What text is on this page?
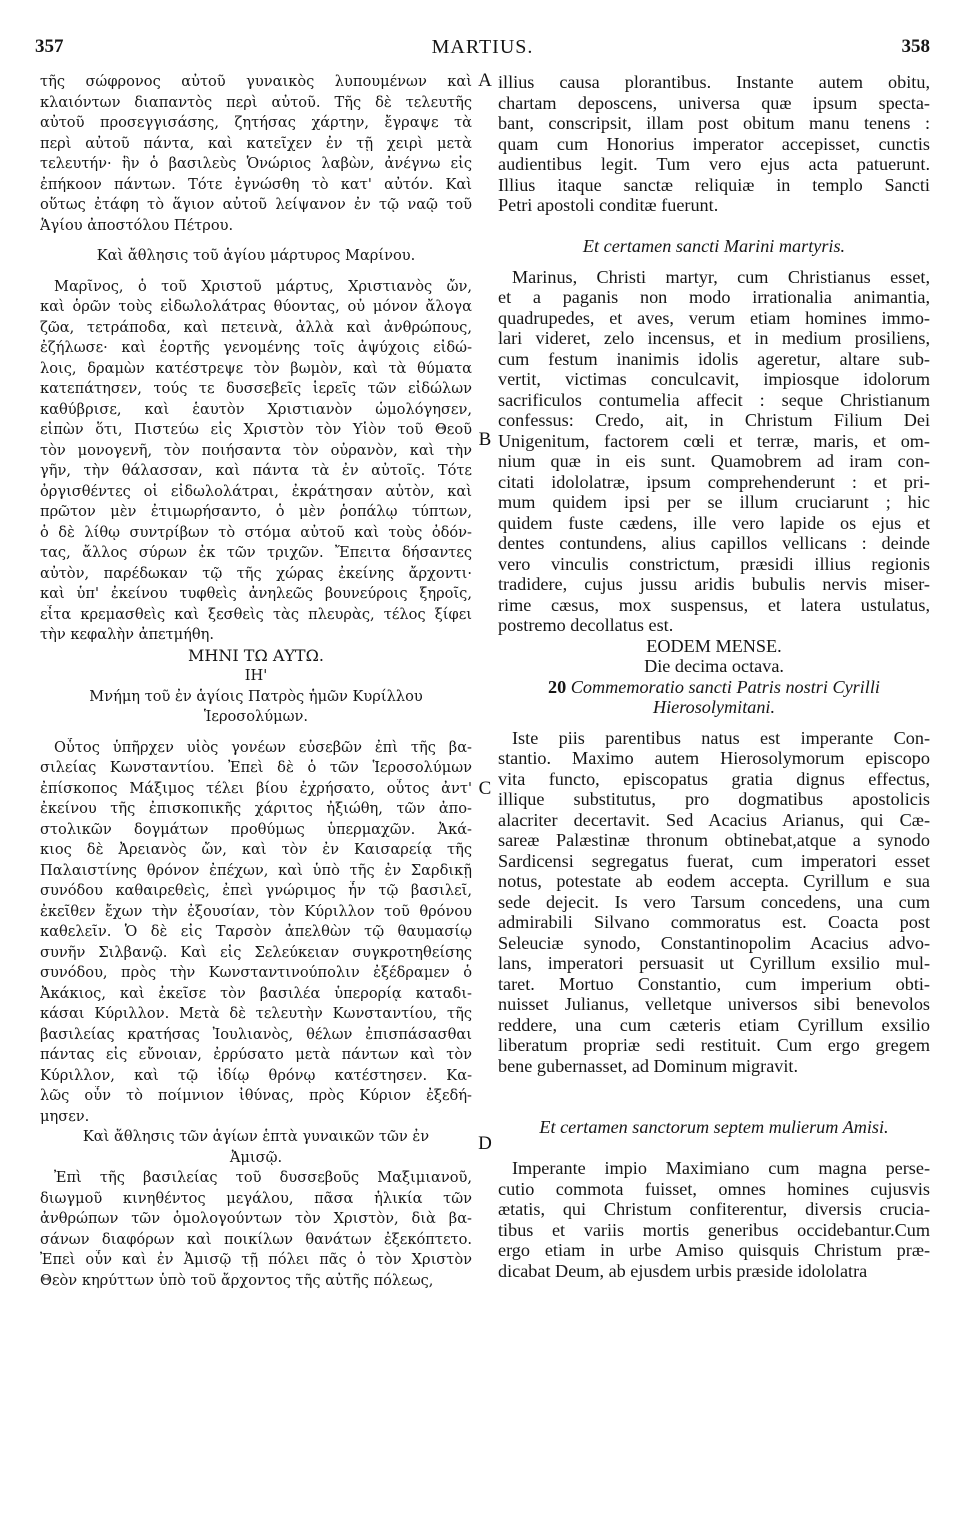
357	MARTIUS.	358
A
B
C
D
τῆς σώφρονος αὐτοῦ γυναικὸς λυπουμένων καὶ
κλαιόντων διαπαντὸς περὶ αὐτοῦ. Τῆς δὲ τελευτῆς
αὐτοῦ προσεγγισάσης, ζητήσας χάρτην, ἔγραψε τὰ
περὶ αὐτοῦ πάντα, καὶ κατεῖχεν ἐν τῇ χειρὶ μετὰ
τελευτήν· ἣν ὁ βασιλεὺς Ὁνώριος λαβὼν, ἀνέγνω εἰς
ἐπήκοον πάντων. Τότε ἐγνώσθη τὸ κατ' αὐτόν. Καὶ
οὕτως ἐτάφη τὸ ἅγιον αὐτοῦ λείψανον ἐν τῷ ναῷ τοῦ
Ἁγίου ἀποστόλου Πέτρου.
Καὶ ἄθλησις τοῦ ἁγίου μάρτυρος Μαρίνου.
Μαρῖνος, ὁ τοῦ Χριστοῦ μάρτυς, Χριστιανὸς ὤν,
καὶ ὁρῶν τοὺς εἰδωλολάτρας θύοντας, οὐ μόνον ἄλογα
ζῶα, τετράποδα, καὶ πετεινὰ, ἀλλὰ καὶ ἀνθρώπους,
ἐζήλωσε· καὶ ἑορτῆς γενομένης τοῖς ἀψύχοις εἰδώ-
λοις, δραμὼν κατέστρεψε τὸν βωμὸν, καὶ τὰ θύματα
κατεπάτησεν, τούς τε δυσσεβεῖς ἱερεῖς τῶν εἰδώλων
καθύβρισε, καὶ ἑαυτὸν Χριστιανὸν ὡμολόγησεν,
εἰπὼν ὅτι, Πιστεύω εἰς Χριστὸν τὸν Υἱὸν τοῦ Θεοῦ
τὸν μονογενῆ, τὸν ποιήσαντα τὸν οὐρανὸν, καὶ τὴν
γῆν, τὴν θάλασσαν, καὶ πάντα τὰ ἐν αὐτοῖς. Τότε
ὀργισθέντες οἱ εἰδωλολάτραι, ἐκράτησαν αὐτὸν, καὶ
πρῶτον μὲν ἐτιμωρήσαντο, ὁ μὲν ῥοπάλῳ τύπτων,
ὁ δὲ λίθῳ συντρίβων τὸ στόμα αὐτοῦ καὶ τοὺς ὀδόν-
τας, ἄλλος σύρων ἐκ τῶν τριχῶν. Ἔπειτα δήσαντες
αὐτὸν, παρέδωκαν τῷ τῆς χώρας ἐκείνης ἄρχοντι·
καὶ ὑπ' ἐκείνου τυφθεὶς ἀνηλεῶς βουνεύροις ξηροῖς,
εἶτα κρεμασθεὶς καὶ ξεσθεὶς τὰς πλευρὰς, τέλος ξίφει
τὴν κεφαλὴν ἀπετμήθη.
ΜΗΝΙ ΤΩ ΑΥΤΩ.
ΙΗ'
Μνήμη τοῦ ἐν ἁγίοις Πατρὸς ἡμῶν Κυρίλλου
Ἱεροσολύμων.
Οὗτος ὑπῆρχεν υἱὸς γονέων εὐσεβῶν ἐπὶ τῆς βα-
σιλείας Κωνσταντίου. Ἐπεὶ δὲ ὁ τῶν Ἱεροσολύμων
ἐπίσκοπος Μάξιμος τέλει βίου ἐχρήσατο, οὗτος ἀντ'
ἐκείνου τῆς ἐπισκοπικῆς χάριτος ἠξιώθη, τῶν ἀπο-
στολικῶν δογμάτων προθύμως ὑπερμαχῶν. Ἀκά-
κιος δὲ Ἀρειανὸς ὤν, καὶ τὸν ἐν Καισαρείᾳ τῆς
Παλαιστίνης θρόνον ἐπέχων, καὶ ὑπὸ τῆς ἐν Σαρδικῇ
συνόδου καθαιρεθεὶς, ἐπεὶ γνώριμος ἦν τῷ βασιλεῖ,
ἐκεῖθεν ἔχων τὴν ἐξουσίαν, τὸν Κύριλλον τοῦ θρόνου
καθελεῖν. Ὁ δὲ εἰς Ταρσὸν ἀπελθὼν τῷ θαυμασίῳ
συνῆν Σιλβανῷ. Καὶ εἰς Σελεύκειαν συγκροτηθείσης
συνόδου, πρὸς τὴν Κωνσταντινούπολιν ἐξέδραμεν ὁ
Ἀκάκιος, καὶ ἐκεῖσε τὸν βασιλέα ὑπερορίᾳ καταδι-
κάσαι Κύριλλον. Μετὰ δὲ τελευτὴν Κωνσταντίου, τῆς
βασιλείας κρατήσας Ἰουλιανὸς, θέλων ἐπισπάσασθαι
πάντας εἰς εὔνοιαν, ἐρρύσατο μετὰ πάντων καὶ τὸν
Κύριλλον, καὶ τῷ ἰδίῳ θρόνῳ κατέστησεν. Κα-
λῶς οὖν τὸ ποίμνιον ἰθύνας, πρὸς Κύριον ἐξεδή-
μησεν.
Καὶ ἄθλησις τῶν ἁγίων ἑπτὰ γυναικῶν τῶν ἐν
Ἀμισῷ.
Ἐπὶ τῆς βασιλείας τοῦ δυσσεβοῦς Μαξιμιανοῦ,
διωγμοῦ κινηθέντος μεγάλου, πᾶσα ἡλικία τῶν
ἀνθρώπων τῶν ὁμολογούντων τὸν Χριστὸν, διὰ βα-
σάνων διαφόρων καὶ ποικίλων θανάτων ἐξεκόπτετο.
Ἐπεὶ οὖν καὶ ἐν Ἀμισῷ τῇ πόλει πᾶς ὁ τὸν Χριστὸν
Θεὸν κηρύττων ὑπὸ τοῦ ἄρχοντος τῆς αὐτῆς πόλεως,
illius causa plorantibus. Instante autem obitu,
chartam deposcens, universa quæ ipsum specta-
bant, conscripsit, illam post obitum manu tenens :
quam cum Honorius imperator accepisset, cunctis
audientibus legit. Tum vero ejus acta patuerunt.
Illius itaque sanctæ reliquiæ in templo Sancti
Petri apostoli conditæ fuerunt.
Et certamen sancti Marini martyris.
Marinus, Christi martyr, cum Christianus esset,
et a paganis non modo irrationalia animantia,
quadrupedes, et aves, verum etiam homines immo-
lari videret, zelo incensus, et in medium prosiliens,
cum festum inanimis idolis ageretur, altare sub-
vertit, victimas conculcavit, impiosque idolorum
sacrificulos contumelia affecit : seque Christianum
confessus: Credo, ait, in Christum Filium Dei
Unigenitum, factorem cœli et terræ, maris, et om-
nium quæ in eis sunt. Quamobrem ad iram con-
citati idololatræ, ipsum comprehenderunt : et pri-
mum quidem ipsi per se illum cruciarunt ; hic
quidem fuste cædens, ille vero lapide os ejus et
dentes contundens, alius capillos vellicans : deinde
vero vinculis constrictum, præsidi illius regionis
tradidere, cujus jussu aridis bubulis nervis miser-
rime cæsus, mox suspensus, et latera ustulatus,
postremo decollatus est.
EODEM MENSE.
Die decima octava.
20 Commemoratio sancti Patris nostri Cyrilli
Hierosolymitani.
Iste piis parentibus natus est imperante Con-
stantio. Maximo autem Hierosolymorum episcopo
vita functo, episcopatus gratia dignus effectus,
illique substitutus, pro dogmatibus apostolicis
alacriter decertavit. Sed Acacius Arianus, qui Cæ-
sareæ Palæstinæ thronum obtinebat,atque a synodo
Sardicensi segregatus fuerat, cum imperatori esset
notus, potestate ab eodem accepta. Cyrillum e sua
sede dejecit. Is vero Tarsum concedens, una cum
admirabili Silvano commoratus est. Coacta post
Seleuciæ synodo, Constantinopolim Acacius advo-
lans, imperatori persuasit ut Cyrillum exsilio mul-
taret. Mortuo Constantio, cum imperium obti-
nuisset Julianus, velletque universos sibi benevolos
reddere, una cum cæteris etiam Cyrillum exsilio
liberatum propriæ sedi restituit. Cum ergo gregem
bene gubernasset, ad Dominum migravit.
Et certamen sanctorum septem mulierum Amisi.
Imperante impio Maximiano cum magna perse-
cutio commota fuisset, omnes homines cujusvis
ætatis, qui Christum confiterentur, diversis crucia-
tibus et variis mortis generibus occidebantur.Cum
ergo etiam in urbe Amiso quisquis Christum præ-
dicabat Deum, ab ejusdem urbis præside idololatra
